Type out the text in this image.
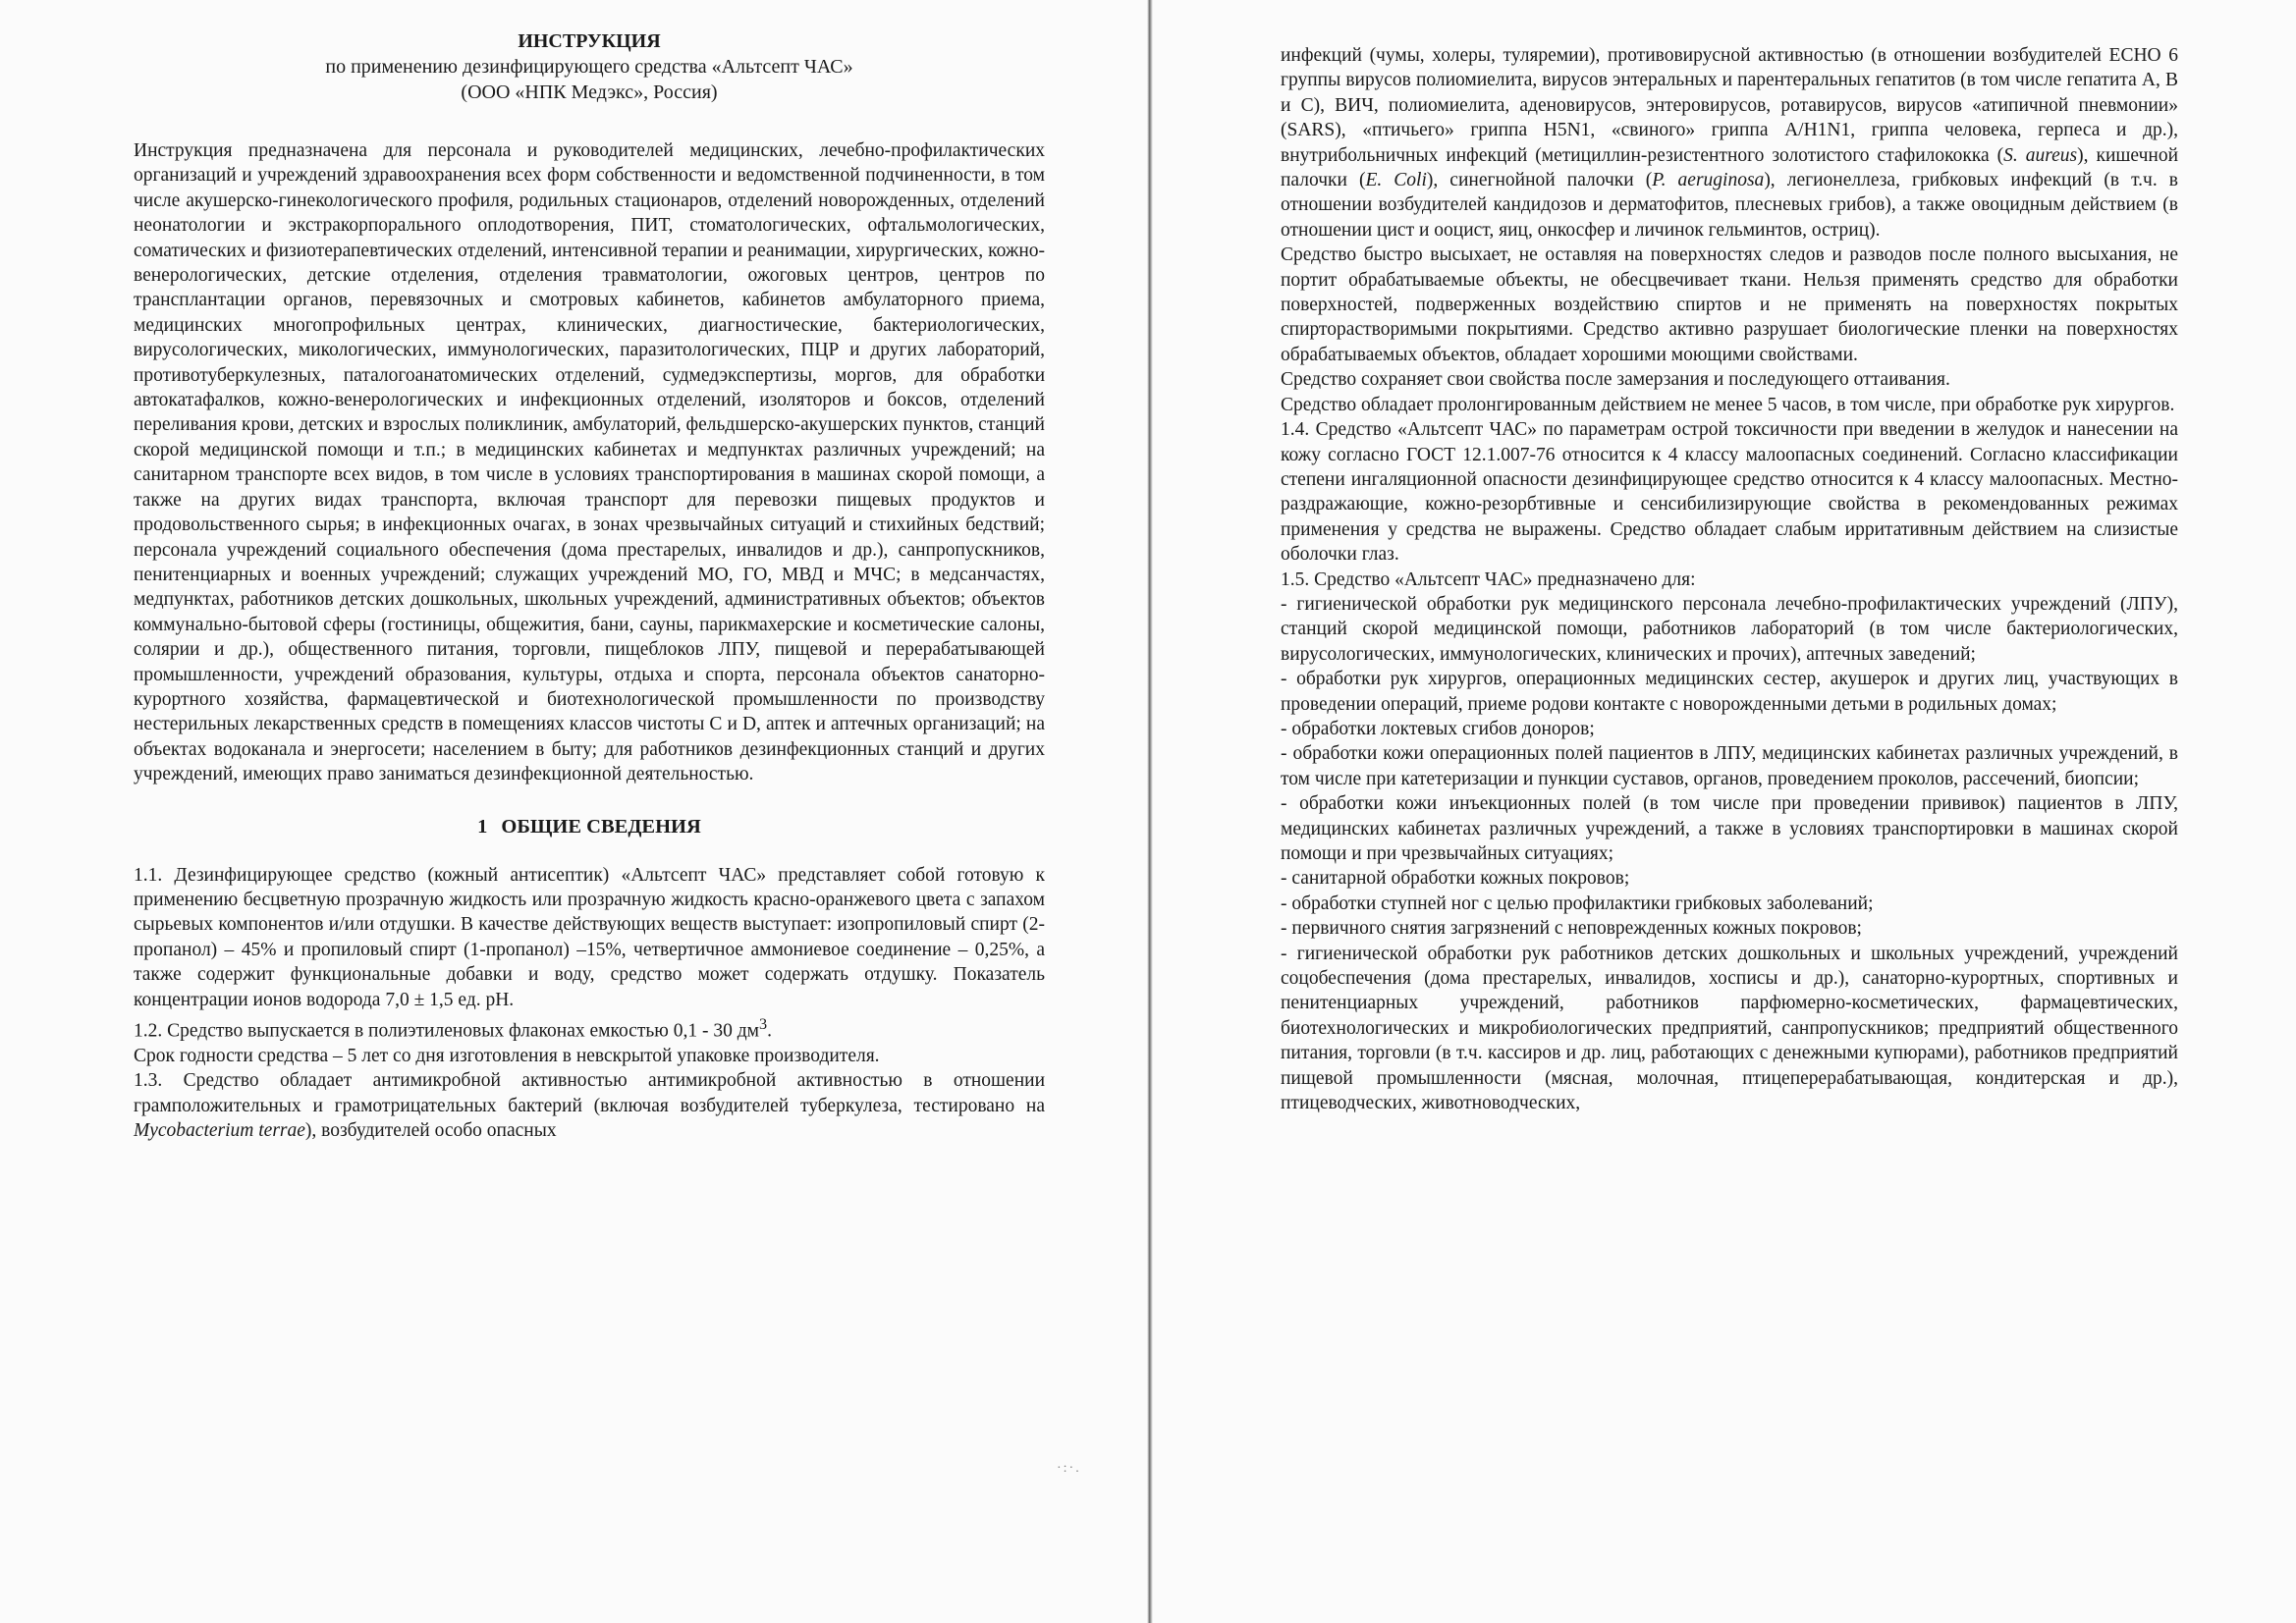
ИНСТРУКЦИЯ

по применению дезинфицирующего средства «Альтсепт ЧАС»

(ООО «НПК Медэкс», Россия)

Инструкция предназначена для персонала и руководителей медицинских, лечебно-профилактических организаций и учреждений здравоохранения всех форм собственности и ведомственной подчиненности, в том числе акушерско-гинекологического профиля, родильных стационаров, отделений новорожденных, отделений неонатологии и экстракорпорального оплодотворения, ПИТ, стоматологических, офтальмологических, соматических и физиотерапевтических отделений, интенсивной терапии и реанимации, хирургических, кожно-венерологических, детские отделения, отделения травматологии, ожоговых центров, центров по трансплантации органов, перевязочных и смотровых кабинетов, кабинетов амбулаторного приема, медицинских многопрофильных центрах, клинических, диагностические, бактериологических, вирусологических, микологических, иммунологических, паразитологических, ПЦР и других лабораторий, противотуберкулезных, паталогоанатомических отделений, судмедэкспертизы, моргов, для обработки автокатафалков, кожно-венерологических и инфекционных отделений, изоляторов и боксов, отделений переливания крови, детских и взрослых поликлиник, амбулаторий, фельдшерско-акушерских пунктов, станций скорой медицинской помощи и т.п.; в медицинских кабинетах и медпунктах различных учреждений; на санитарном транспорте всех видов, в том числе в условиях транспортирования в машинах скорой помощи, а также на других видах транспорта, включая транспорт для перевозки пищевых продуктов и продовольственного сырья; в инфекционных очагах, в зонах чрезвычайных ситуаций и стихийных бедствий; персонала учреждений социального обеспечения (дома престарелых, инвалидов и др.), санпропускников, пенитенциарных и военных учреждений; служащих учреждений МО, ГО, МВД и МЧС; в медсанчастях, медпунктах, работников детских дошкольных, школьных учреждений, административных объектов; объектов коммунально-бытовой сферы (гостиницы, общежития, бани, сауны, парикмахерские и косметические салоны, солярии и др.), общественного питания, торговли, пищеблоков ЛПУ, пищевой и перерабатывающей промышленности, учреждений образования, культуры, отдыха и спорта, персонала объектов санаторно-курортного хозяйства, фармацевтической и биотехнологической промышленности по производству нестерильных лекарственных средств в помещениях классов чистоты C и D, аптек и аптечных организаций; на объектах водоканала и энергосети; населением в быту; для работников дезинфекционных станций и других учреждений, имеющих право заниматься дезинфекционной деятельностью.

1 ОБЩИЕ СВЕДЕНИЯ

1.1. Дезинфицирующее средство (кожный антисептик) «Альтсепт ЧАС» представляет собой готовую к применению бесцветную прозрачную жидкость или прозрачную жидкость красно-оранжевого цвета с запахом сырьевых компонентов и/или отдушки. В качестве действующих веществ выступает: изопропиловый спирт (2-пропанол) – 45% и пропиловый спирт (1-пропанол) –15%, четвертичное аммониевое соединение – 0,25%, а также содержит функциональные добавки и воду, средство может содержать отдушку. Показатель концентрации ионов водорода 7,0 ± 1,5 ед. pH.

1.2. Средство выпускается в полиэтиленовых флаконах емкостью 0,1 - 30 $дм^3$.

Срок годности средства – 5 лет со дня изготовления в невскрытой упаковке производителя.

1.3. Средство обладает антимикробной активностью антимикробной активностью в отношении грамположительных и грамотрицательных бактерий (включая возбудителей туберкулеза, тестировано на Mycobacterium terrae), возбудителей особо опасных

·:·.

инфекций (чумы, холеры, туляремии), противовирусной активностью (в отношении возбудителей ЕСНО 6 группы вирусов полиомиелита, вирусов энтеральных и парентеральных гепатитов (в том числе гепатита А, В и С), ВИЧ, полиомиелита, аденовирусов, энтеровирусов, ротавирусов, вирусов «атипичной пневмонии» (SARS), «птичьего» гриппа H5N1, «свиного» гриппа А/H1N1, гриппа человека, герпеса и др.), внутрибольничных инфекций (метициллин-резистентного золотистого стафилококка (S. aureus), кишечной палочки (E. Coli), синегнойной палочки (P. aeruginosa), легионеллеза, грибковых инфекций (в т.ч. в отношении возбудителей кандидозов и дерматофитов, плесневых грибов), а также овоцидным действием (в отношении цист и ооцист, яиц, онкосфер и личинок гельминтов, остриц).

Средство быстро высыхает, не оставляя на поверхностях следов и разводов после полного высыхания, не портит обрабатываемые объекты, не обесцвечивает ткани. Нельзя применять средство для обработки поверхностей, подверженных воздействию спиртов и не применять на поверхностях покрытых спирторастворимыми покрытиями. Средство активно разрушает биологические пленки на поверхностях обрабатываемых объектов, обладает хорошими моющими свойствами.

Средство сохраняет свои свойства после замерзания и последующего оттаивания.

Средство обладает пролонгированным действием не менее 5 часов, в том числе, при обработке рук хирургов.

1.4. Средство «Альтсепт ЧАС» по параметрам острой токсичности при введении в желудок и нанесении на кожу согласно ГОСТ 12.1.007-76 относится к 4 классу малоопасных соединений. Согласно классификации степени ингаляционной опасности дезинфицирующее средство относится к 4 классу малоопасных. Местно-раздражающие, кожно-резорбтивные и сенсибилизирующие свойства в рекомендованных режимах применения у средства не выражены. Средство обладает слабым ирритативным действием на слизистые оболочки глаз.

1.5. Средство «Альтсепт ЧАС» предназначено для:

- гигиенической обработки рук медицинского персонала лечебно-профилактических учреждений (ЛПУ), станций скорой медицинской помощи, работников лабораторий (в том числе бактериологических, вирусологических, иммунологических, клинических и прочих), аптечных заведений;

- обработки рук хирургов, операционных медицинских сестер, акушерок и других лиц, участвующих в проведении операций, приеме родови контакте с новорожденными детьми в родильных домах;

- обработки локтевых сгибов доноров;

- обработки кожи операционных полей пациентов в ЛПУ, медицинских кабинетах различных учреждений, в том числе при катетеризации и пункции суставов, органов, проведением проколов, рассечений, биопсии;

- обработки кожи инъекционных полей (в том числе при проведении прививок) пациентов в ЛПУ, медицинских кабинетах различных учреждений, а также в условиях транспортировки в машинах скорой помощи и при чрезвычайных ситуациях;

- санитарной обработки кожных покровов;

- обработки ступней ног с целью профилактики грибковых заболеваний;

- первичного снятия загрязнений с неповрежденных кожных покровов;

- гигиенической обработки рук работников детских дошкольных и школьных учреждений, учреждений соцобеспечения (дома престарелых, инвалидов, хосписы и др.), санаторно-курортных, спортивных и пенитенциарных учреждений, работников парфюмерно-косметических, фармацевтических, биотехнологических и микробиологических предприятий, санпропускников; предприятий общественного питания, торговли (в т.ч. кассиров и др. лиц, работающих с денежными купюрами), работников предприятий пищевой промышленности (мясная, молочная, птицеперерабатывающая, кондитерская и др.), птицеводческих, животноводческих,
